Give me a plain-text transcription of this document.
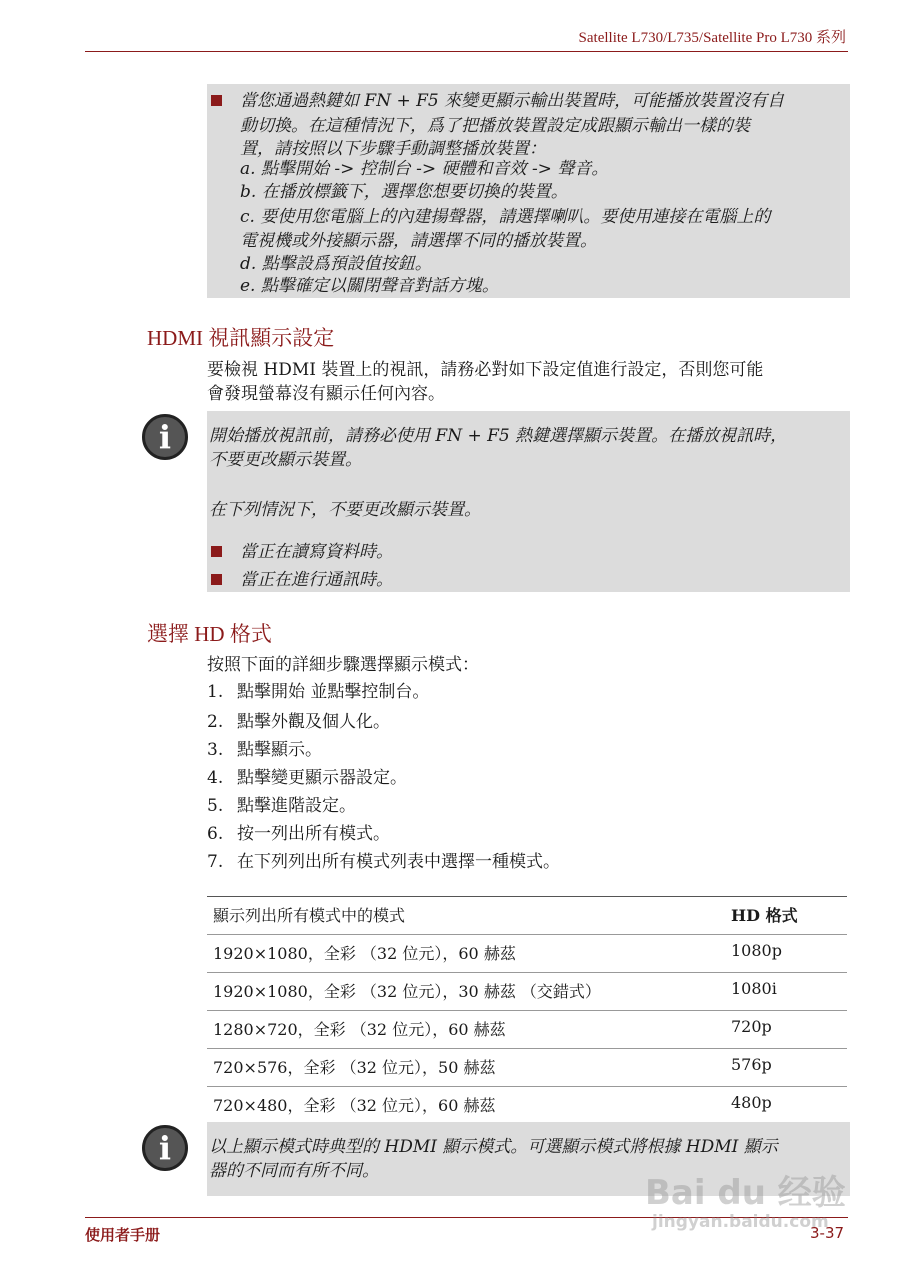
Satellite L730/L735/Satellite Pro L730 系列
當您通過熱鍵如 FN + F5 來變更顯示輸出裝置時，可能播放裝置沒有自
動切換。在這種情況下，爲了把播放裝置設定成跟顯示輸出一樣的裝
置，請按照以下步驟手動調整播放裝置：
a. 點擊開始 -> 控制台 -> 硬體和音效 -> 聲音。
b. 在播放標籤下，選擇您想要切換的裝置。
c. 要使用您電腦上的內建揚聲器，請選擇喇叭。要使用連接在電腦上的
電視機或外接顯示器，請選擇不同的播放裝置。
d. 點擊設爲預設值按鈕。
e. 點擊確定以關閉聲音對話方塊。
HDMI 視訊顯示設定
要檢視 HDMI 裝置上的視訊，請務必對如下設定值進行設定，否則您可能
會發現螢幕沒有顯示任何內容。
i	開始播放視訊前，請務必使用 FN + F5 熱鍵選擇顯示裝置。在播放視訊時，
不要更改顯示裝置。
在下列情況下，不要更改顯示裝置。
當正在讀寫資料時。
當正在進行通訊時。
選擇 HD 格式
按照下面的詳細步驟選擇顯示模式：
1. 點擊開始 並點擊控制台。
2. 點擊外觀及個人化。
3. 點擊顯示。
4. 點擊變更顯示器設定。
5. 點擊進階設定。
6. 按一列出所有模式。
7. 在下列列出所有模式列表中選擇一種模式。
顯示列出所有模式中的模式	HD 格式
1920×1080，全彩 （32 位元），60 赫茲	1080p
1920×1080，全彩 （32 位元），30 赫茲 （交錯式）	1080i
1280×720，全彩 （32 位元），60 赫茲	720p
720×576，全彩 （32 位元），50 赫茲	576p
720×480，全彩 （32 位元），60 赫茲	480p
i	以上顯示模式時典型的 HDMI 顯示模式。可選顯示模式將根據 HDMI 顯示
器的不同而有所不同。
使用者手册	3-37
Bai du 经验
jingyan.baidu.com
